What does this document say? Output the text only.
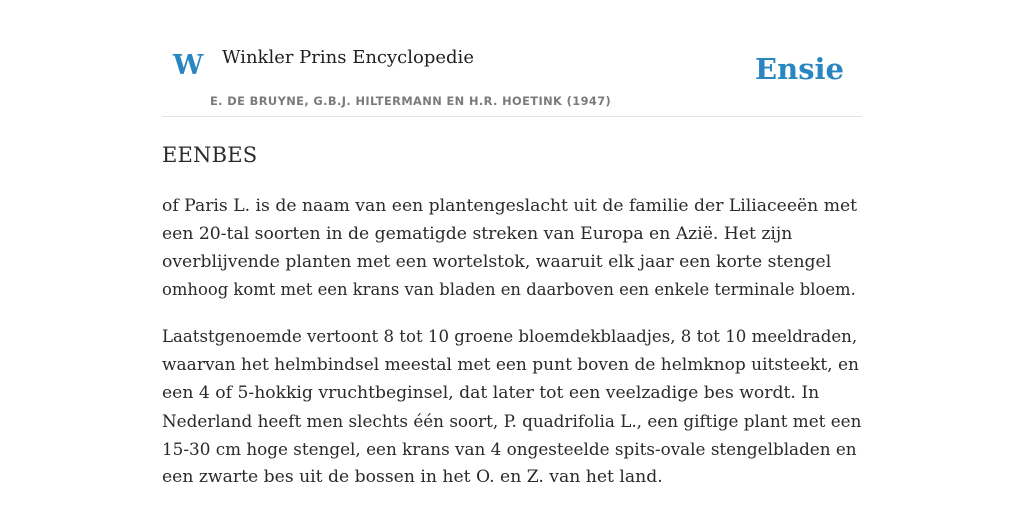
W Winkler Prins Encyclopedie
E. DE BRUYNE, G.B.J. HILTERMANN EN H.R. HOETINK (1947)
Ensie
EENBES

of Paris L. is de naam van een plantengeslacht uit de familie der Liliaceeën met
een 20-tal soorten in de gematigde streken van Europa en Azië. Het zijn
overblijvende planten met een wortelstok, waaruit elk jaar een korte stengel
omhoog komt met een krans van bladen en daarboven een enkele terminale bloem.

Laatstgenoemde vertoont 8 tot 10 groene bloemdekblaadjes, 8 tot 10 meeldraden,
waarvan het helmbindsel meestal met een punt boven de helmknop uitsteekt, en
een 4 of 5-hokkig vruchtbeginsel, dat later tot een veelzadige bes wordt. In
Nederland heeft men slechts één soort, P. quadrifolia L., een giftige plant met een
15-30 cm hoge stengel, een krans van 4 ongesteelde spits-ovale stengelbladen en
een zwarte bes uit de bossen in het O. en Z. van het land.
